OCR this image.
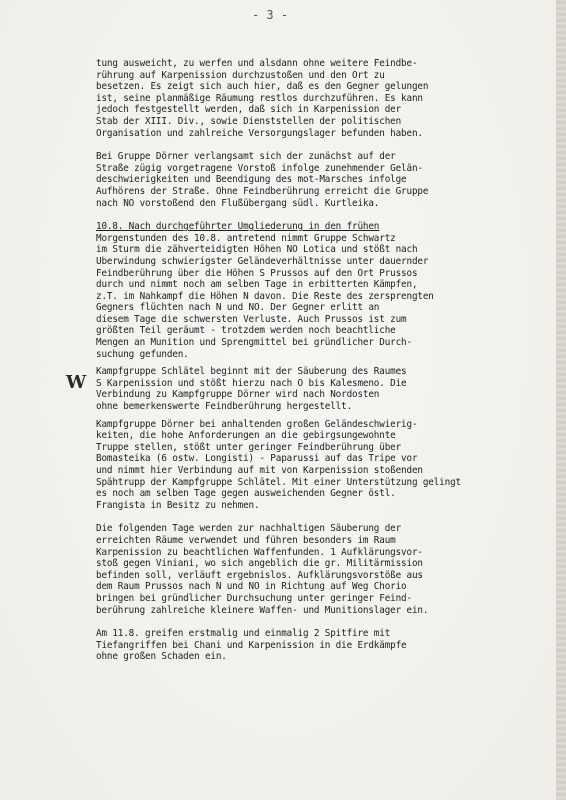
- 3 -
W
tung ausweicht, zu werfen und alsdann ohne weitere Feindbe-
rührung auf Karpenission durchzustoßen und den Ort zu
besetzen. Es zeigt sich auch hier, daß es den Gegner gelungen
ist, seine planmäßige Räumung restlos durchzuführen. Es kann
jedoch festgestellt werden, daß sich in Karpenission der
Stab der XIII. Div., sowie Dienststellen der politischen
Organisation und zahlreiche Versorgungslager befunden haben.
Bei Gruppe Dörner verlangsamt sich der zunächst auf der
Straße zügig vorgetragene Vorstoß infolge zunehmender Gelän-
deschwierigkeiten und Beendigung des mot-Marsches infolge
Aufhörens der Straße. Ohne Feindberührung erreicht die Gruppe
nach NO vorstoßend den Flußübergang südl. Kurtleika.
10.8. Nach durchgeführter Umgliederung in den frühen
Morgenstunden des 10.8. antretend nimmt Gruppe Schwartz
im Sturm die zähverteidigten Höhen NO Lotica und stößt nach
Überwindung schwierigster Geländeverhältnisse unter dauernder
Feindberührung über die Höhen S Prussos auf den Ort Prussos
durch und nimmt noch am selben Tage in erbitterten Kämpfen,
z.T. im Nahkampf die Höhen N davon. Die Reste des zersprengten
Gegners flüchten nach N und NO. Der Gegner erlitt an
diesem Tage die schwersten Verluste. Auch Prussos ist zum
größten Teil geräumt - trotzdem werden noch beachtliche
Mengen an Munition und Sprengmittel bei gründlicher Durch-
suchung gefunden.
Kampfgruppe Schlätel beginnt mit der Säuberung des Raumes
S Karpenission und stößt hierzu nach O bis Kalesmeno. Die
Verbindung zu Kampfgruppe Dörner wird nach Nordosten
ohne bemerkenswerte Feindberührung hergestellt.
Kampfgruppe Dörner bei anhaltenden großen Geländeschwierig-
keiten, die hohe Anforderungen an die gebirgsungewohnte
Truppe stellen, stößt unter geringer Feindberührung über
Bomasteika (6 ostw. Longisti) - Paparussi auf das Tripe vor
und nimmt hier Verbindung auf mit von Karpenission stoßenden
Spähtrupp der Kampfgruppe Schlätel. Mit einer Unterstützung gelingt
es noch am selben Tage gegen ausweichenden Gegner östl.
Frangista in Besitz zu nehmen.
Die folgenden Tage werden zur nachhaltigen Säuberung der
erreichten Räume verwendet und führen besonders im Raum
Karpenission zu beachtlichen Waffenfunden. 1 Aufklärungsvor-
stoß gegen Viniani, wo sich angeblich die gr. Militärmission
befinden soll, verläuft ergebnislos. Aufklärungsvorstöße aus
dem Raum Prussos nach N und NO in Richtung auf Weg Chorio
bringen bei gründlicher Durchsuchung unter geringer Feind-
berührung zahlreiche kleinere Waffen- und Munitionslager ein.
Am 11.8. greifen erstmalig und einmalig 2 Spitfire mit
Tiefangriffen bei Chani und Karpenission in die Erdkämpfe
ohne großen Schaden ein.
